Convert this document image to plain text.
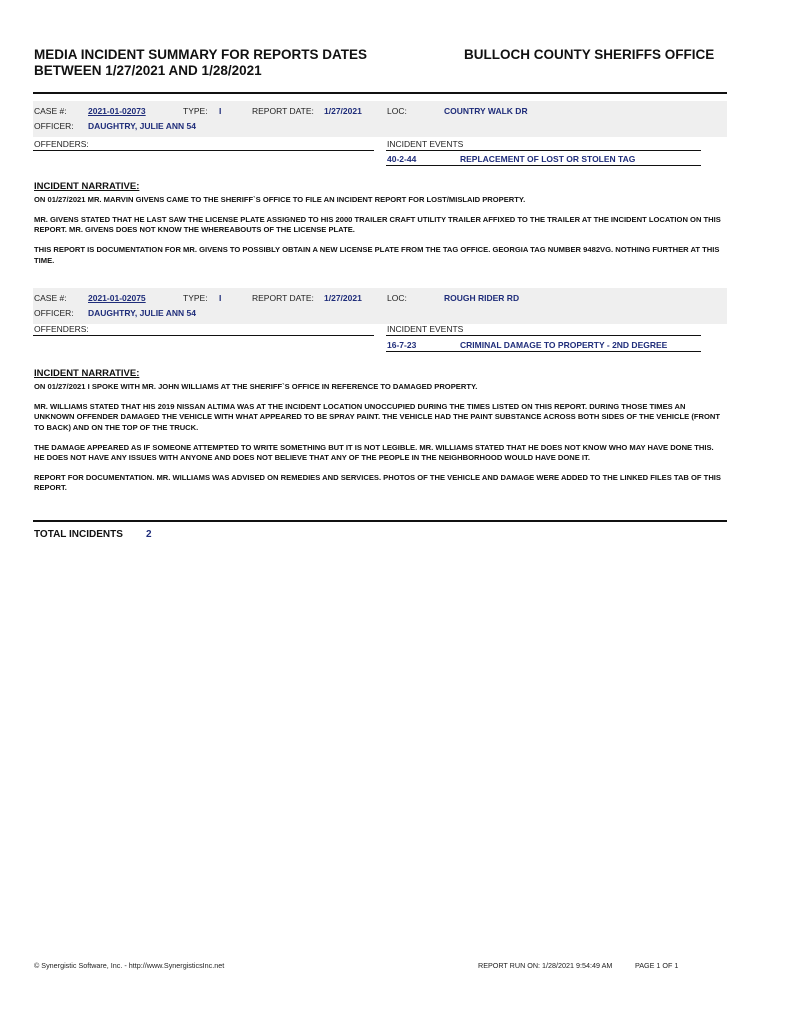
MEDIA INCIDENT SUMMARY FOR REPORTS DATES
BETWEEN 1/27/2021 AND 1/28/2021
BULLOCH COUNTY SHERIFFS OFFICE
CASE #:	2021-01-02073	TYPE: I	REPORT DATE: 1/27/2021	LOC:	COUNTRY WALK DR
OFFICER: DAUGHTRY, JULIE ANN 54
OFFENDERS:	INCIDENT EVENTS
40-2-44	REPLACEMENT OF LOST OR STOLEN TAG
INCIDENT NARRATIVE:

ON 01/27/2021 MR. MARVIN GIVENS CAME TO THE SHERIFF`S OFFICE TO FILE AN INCIDENT REPORT FOR LOST/MISLAID PROPERTY.

MR. GIVENS STATED THAT HE LAST SAW THE LICENSE PLATE ASSIGNED TO HIS 2000 TRAILER CRAFT UTILITY TRAILER AFFIXED TO THE TRAILER AT THE INCIDENT LOCATION ON THIS REPORT. MR. GIVENS DOES NOT KNOW THE WHEREABOUTS OF THE LICENSE PLATE.

THIS REPORT IS DOCUMENTATION FOR MR. GIVENS TO POSSIBLY OBTAIN A NEW LICENSE PLATE FROM THE TAG OFFICE. GEORGIA TAG NUMBER 9482VG. NOTHING FURTHER AT THIS TIME.

CASE #:	2021-01-02075	TYPE: I	REPORT DATE: 1/27/2021	LOC:	ROUGH RIDER RD
OFFICER: DAUGHTRY, JULIE ANN 54
OFFENDERS:	INCIDENT EVENTS
16-7-23	CRIMINAL DAMAGE TO PROPERTY - 2ND DEGREE
INCIDENT NARRATIVE:

ON 01/27/2021 I SPOKE WITH MR. JOHN WILLIAMS AT THE SHERIFF`S OFFICE IN REFERENCE TO DAMAGED PROPERTY.

MR. WILLIAMS STATED THAT HIS 2019 NISSAN ALTIMA WAS AT THE INCIDENT LOCATION UNOCCUPIED DURING THE TIMES LISTED ON THIS REPORT. DURING THOSE TIMES AN UNKNOWN OFFENDER DAMAGED THE VEHICLE WITH WHAT APPEARED TO BE SPRAY PAINT. THE VEHICLE HAD THE PAINT SUBSTANCE ACROSS BOTH SIDES OF THE VEHICLE (FRONT TO BACK) AND ON THE TOP OF THE TRUCK.

THE DAMAGE APPEARED AS IF SOMEONE ATTEMPTED TO WRITE SOMETHING BUT IT IS NOT LEGIBLE. MR. WILLIAMS STATED THAT HE DOES NOT KNOW WHO MAY HAVE DONE THIS. HE DOES NOT HAVE ANY ISSUES WITH ANYONE AND DOES NOT BELIEVE THAT ANY OF THE PEOPLE IN THE NEIGHBORHOOD WOULD HAVE DONE IT.

REPORT FOR DOCUMENTATION. MR. WILLIAMS WAS ADVISED ON REMEDIES AND SERVICES. PHOTOS OF THE VEHICLE AND DAMAGE WERE ADDED TO THE LINKED FILES TAB OF THIS REPORT.

TOTAL INCIDENTS 2
© Synergistic Software, Inc. - http://www.SynergisticsInc.net	REPORT RUN ON: 1/28/2021 9:54:49 AM	PAGE 1 OF 1
